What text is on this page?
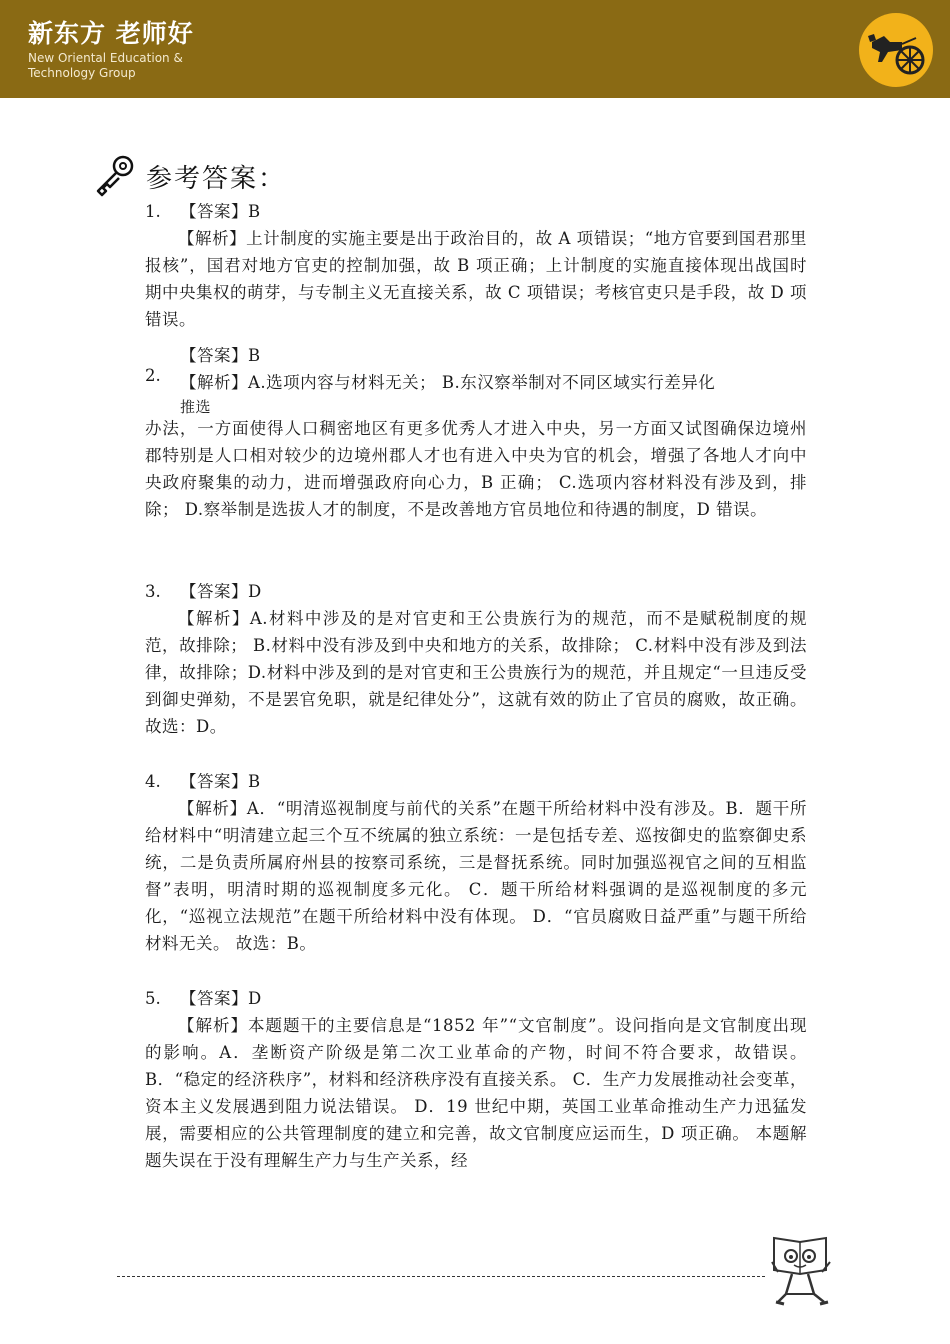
新东方 老师好
New Oriental Education &
Technology Group
参考答案：
1. 【答案】B
【解析】上计制度的实施主要是出于政治目的，故 A 项错误；“地方官要到国君那里报核”，国君对地方官吏的控制加强，故 B 项正确；上计制度的实施直接体现出战国时期中央集权的萌芽，与专制主义无直接关系，故 C 项错误；考核官吏只是手段，故 D 项错误。
【答案】B
2. 【解析】A.选项内容与材料无关； B.东汉察举制对不同区域实行差异化
推选
办法，一方面使得人口稠密地区有更多优秀人才进入中央，另一方面又试图确保边境州郡特别是人口相对较少的边境州郡人才也有进入中央为官的机会，增强了各地人才向中央政府聚集的动力，进而增强政府向心力，B 正确； C.选项内容材料没有涉及到，排除； D.察举制是选拔人才的制度，不是改善地方官员地位和待遇的制度，D 错误。
3. 【答案】D
【解析】A.材料中涉及的是对官吏和王公贵族行为的规范，而不是赋税制度的规范，故排除； B.材料中没有涉及到中央和地方的关系，故排除； C.材料中没有涉及到法律，故排除；D.材料中涉及到的是对官吏和王公贵族行为的规范，并且规定“一旦违反受到御史弹劾，不是罢官免职，就是纪律处分”，这就有效的防止了官员的腐败，故正确。 故选：D。
4. 【答案】B
【解析】A．“明清巡视制度与前代的关系”在题干所给材料中没有涉及。B．题干所给材料中“明清建立起三个互不统属的独立系统：一是包括专差、巡按御史的监察御史系统，二是负责所属府州县的按察司系统，三是督抚系统。同时加强巡视官之间的互相监督”表明，明清时期的巡视制度多元化。 C．题干所给材料强调的是巡视制度的多元化，“巡视立法规范”在题干所给材料中没有体现。 D．“官员腐败日益严重”与题干所给材料无关。 故选：B。
5. 【答案】D
【解析】本题题干的主要信息是“1852 年”“文官制度”。设问指向是文官制度出现的影响。A．垄断资产阶级是第二次工业革命的产物，时间不符合要求，故错误。 B．“稳定的经济秩序”，材料和经济秩序没有直接关系。 C．生产力发展推动社会变革，资本主义发展遇到阻力说法错误。 D．19 世纪中期，英国工业革命推动生产力迅猛发展，需要相应的公共管理制度的建立和完善，故文官制度应运而生，D 项正确。 本题解题失误在于没有理解生产力与生产关系，经
